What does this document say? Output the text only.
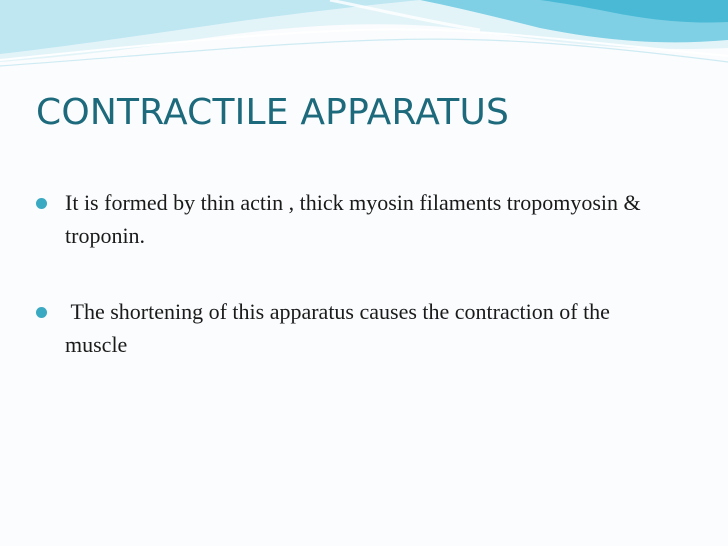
CONTRACTILE APPARATUS
It is formed by thin actin , thick myosin filaments tropomyosin & troponin.
The shortening of this apparatus causes the contraction of the muscle
